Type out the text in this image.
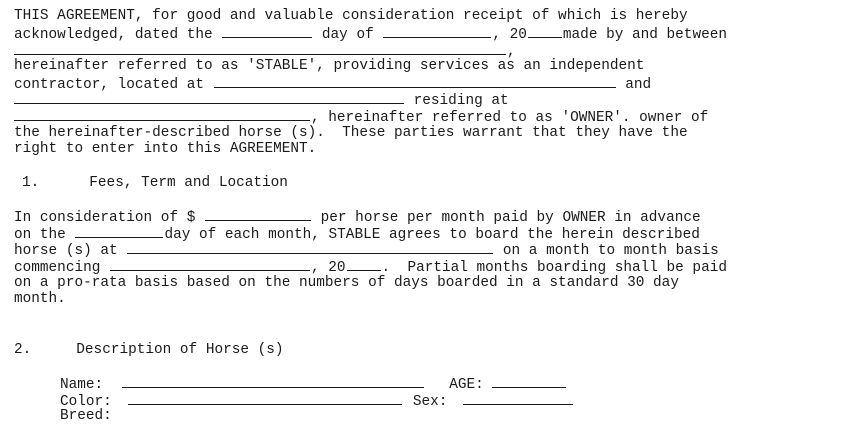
THIS AGREEMENT, for good and valuable consideration receipt of which is hereby
acknowledged, dated the	day of	, 20	made by and between
,
hereinafter referred to as 'STABLE', providing services as an independent
contractor, located at	and
residing at
, hereinafter referred to as 'OWNER'. owner of
the hereinafter-described horse (s).  These parties warrant that they have the
right to enter into this AGREEMENT.
1.	Fees, Term and Location
In consideration of $	per horse per month paid by OWNER in advance
on the	day of each month, STABLE agrees to board the herein described
horse (s) at	on a month to month basis
commencing	, 20	.  Partial months boarding shall be paid
on a pro-rata basis based on the numbers of days boarded in a standard 30 day
month.
2.	Description of Horse (s)
Name:	AGE:
Color:	Sex:
Breed:
